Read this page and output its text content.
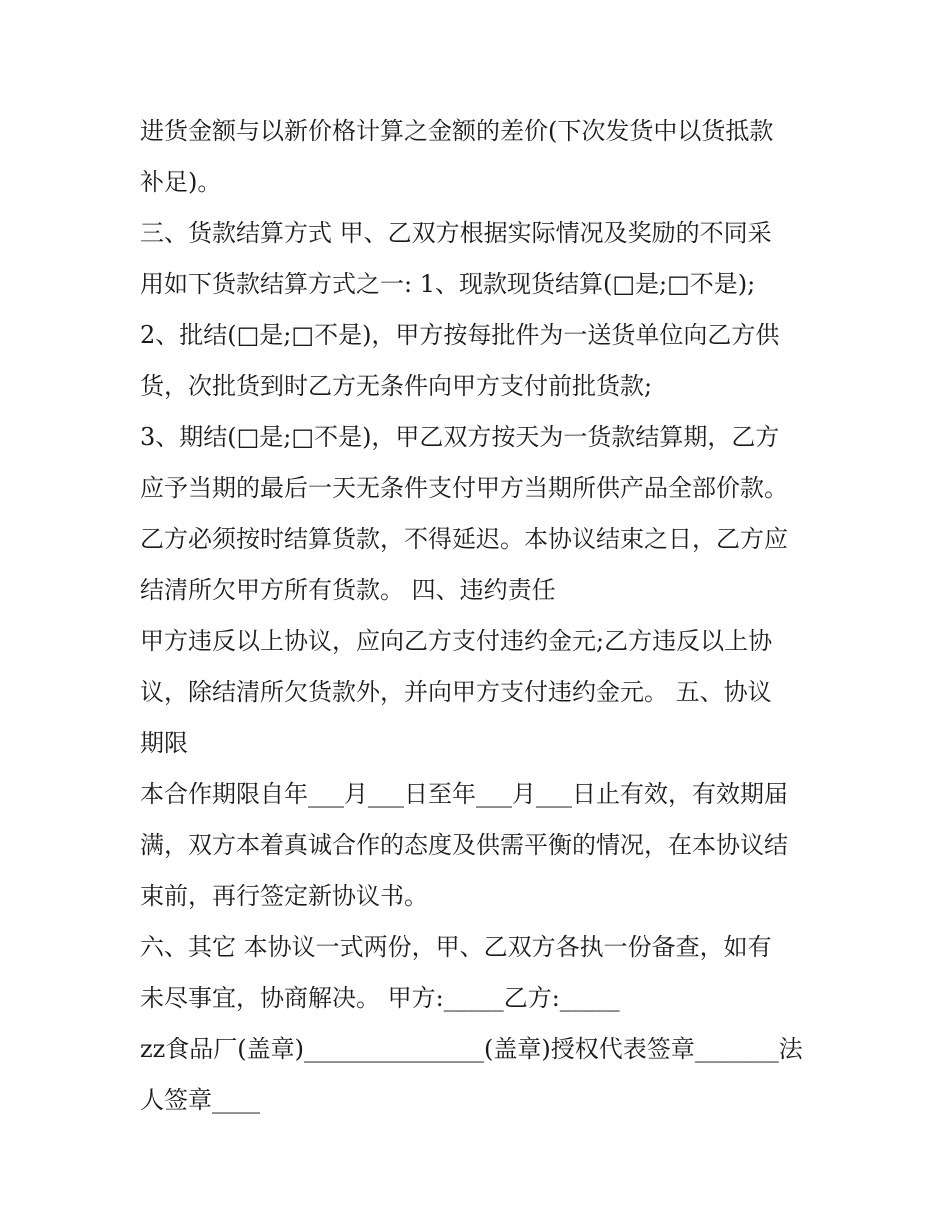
进货金额与以新价格计算之金额的差价(下次发货中以货抵款
补足)。
三、货款结算方式 甲、乙双方根据实际情况及奖励的不同采
用如下货款结算方式之一: 1、现款现货结算(□是;□不是);
2、批结(□是;□不是)，甲方按每批件为一送货单位向乙方供
货，次批货到时乙方无条件向甲方支付前批货款;
3、期结(□是;□不是)，甲乙双方按天为一货款结算期，乙方
应予当期的最后一天无条件支付甲方当期所供产品全部价款。
乙方必须按时结算货款，不得延迟。本协议结束之日，乙方应
结清所欠甲方所有货款。 四、违约责任
甲方违反以上协议，应向乙方支付违约金元;乙方违反以上协
议，除结清所欠货款外，并向甲方支付违约金元。 五、协议
期限
本合作期限自年___月___日至年___月___日止有效，有效期届
满，双方本着真诚合作的态度及供需平衡的情况，在本协议结
束前，再行签定新协议书。
六、其它 本协议一式两份，甲、乙双方各执一份备查，如有
未尽事宜，协商解决。 甲方:_____乙方:_____
zz食品厂(盖章)_______________(盖章)授权代表签章_______法
人签章____
